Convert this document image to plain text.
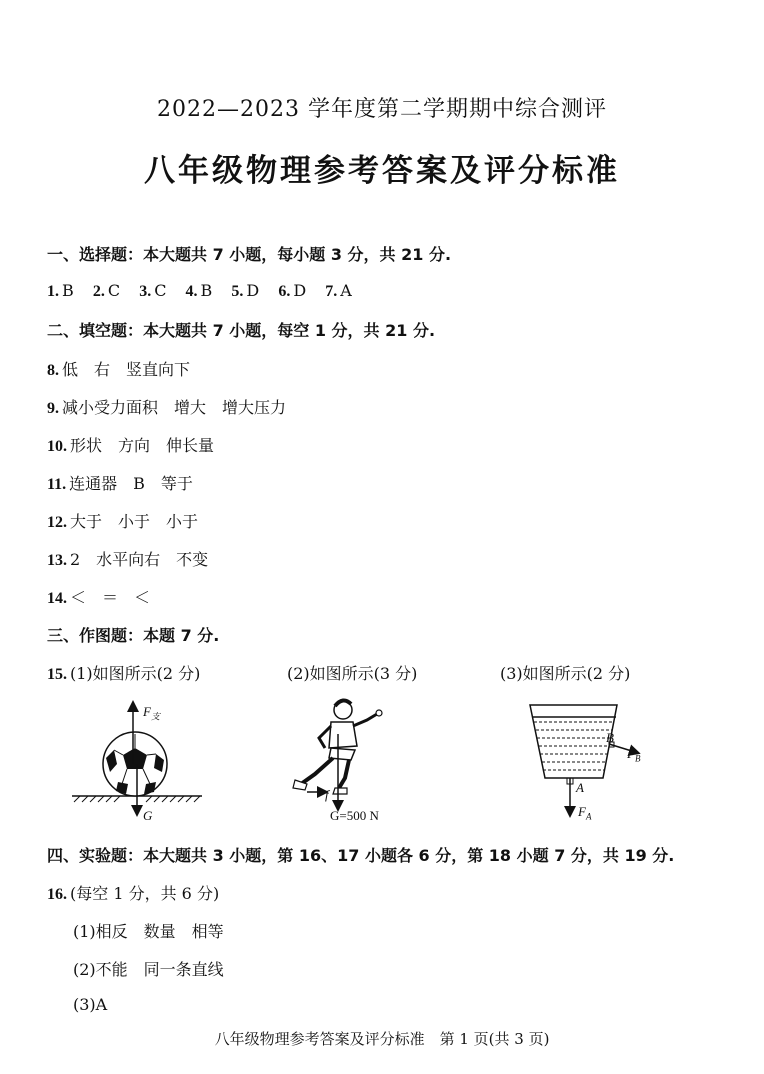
2022—2023 学年度第二学期期中综合测评
八年级物理参考答案及评分标准
一、选择题：本大题共 7 小题，每小题 3 分，共 21 分.
1. B 2. C 3. C 4. B 5. D 6. D 7. A
二、填空题：本大题共 7 小题，每空 1 分，共 21 分.
8. 低　右　竖直向下
9. 减小受力面积　增大　增大压力
10. 形状　方向　伸长量
11. 连通器　B　等于
12. 大于　小于　小于
13. 2　水平向右　不变
14. ＜　＝　＜
三、作图题：本题 7 分.
15. (1)如图所示(2 分)	(2)如图所示(3 分)	(3)如图所示(2 分)
$F_支$
G
f
G=500 N
B
$F_B$
A
$F_A$
四、实验题：本大题共 3 小题，第 16、17 小题各 6 分，第 18 小题 7 分，共 19 分.
16. (每空 1 分，共 6 分)
(1)相反　数量　相等
(2)不能　同一条直线
(3)A
八年级物理参考答案及评分标准　第 1 页(共 3 页)
